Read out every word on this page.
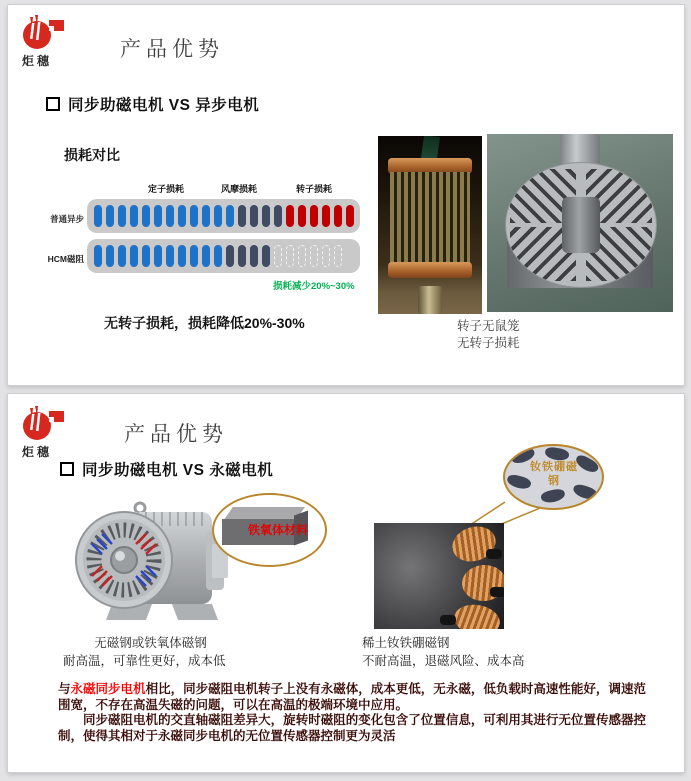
炬穗	产品优势
同步助磁电机 VS 异步电机
损耗对比
定子损耗	风摩损耗	转子损耗
普通异步
HCM磁阻
损耗减少20%~30%
无转子损耗，损耗降低20%-30%	转子无鼠笼
无转子损耗
炬穗
产品优势
同步助磁电机 VS 永磁电机	钕铁硼磁钢
铁氧体材料
无磁钢或铁氧体磁钢
耐高温，可靠性更好，成本低
稀土钕铁硼磁钢
不耐高温，退磁风险、成本高

与永磁同步电机相比，同步磁阻电机转子上没有永磁体，成本更低，无永磁，低负载时高速性能好，调速范围宽，不存在高温失磁的问题，可以在高温的极端环境中应用。

同步磁阻电机的交直轴磁阻差异大，旋转时磁阻的变化包含了位置信息，可利用其进行无位置传感器控制，使得其相对于永磁同步电机的无位置传感器控制更为灵活
